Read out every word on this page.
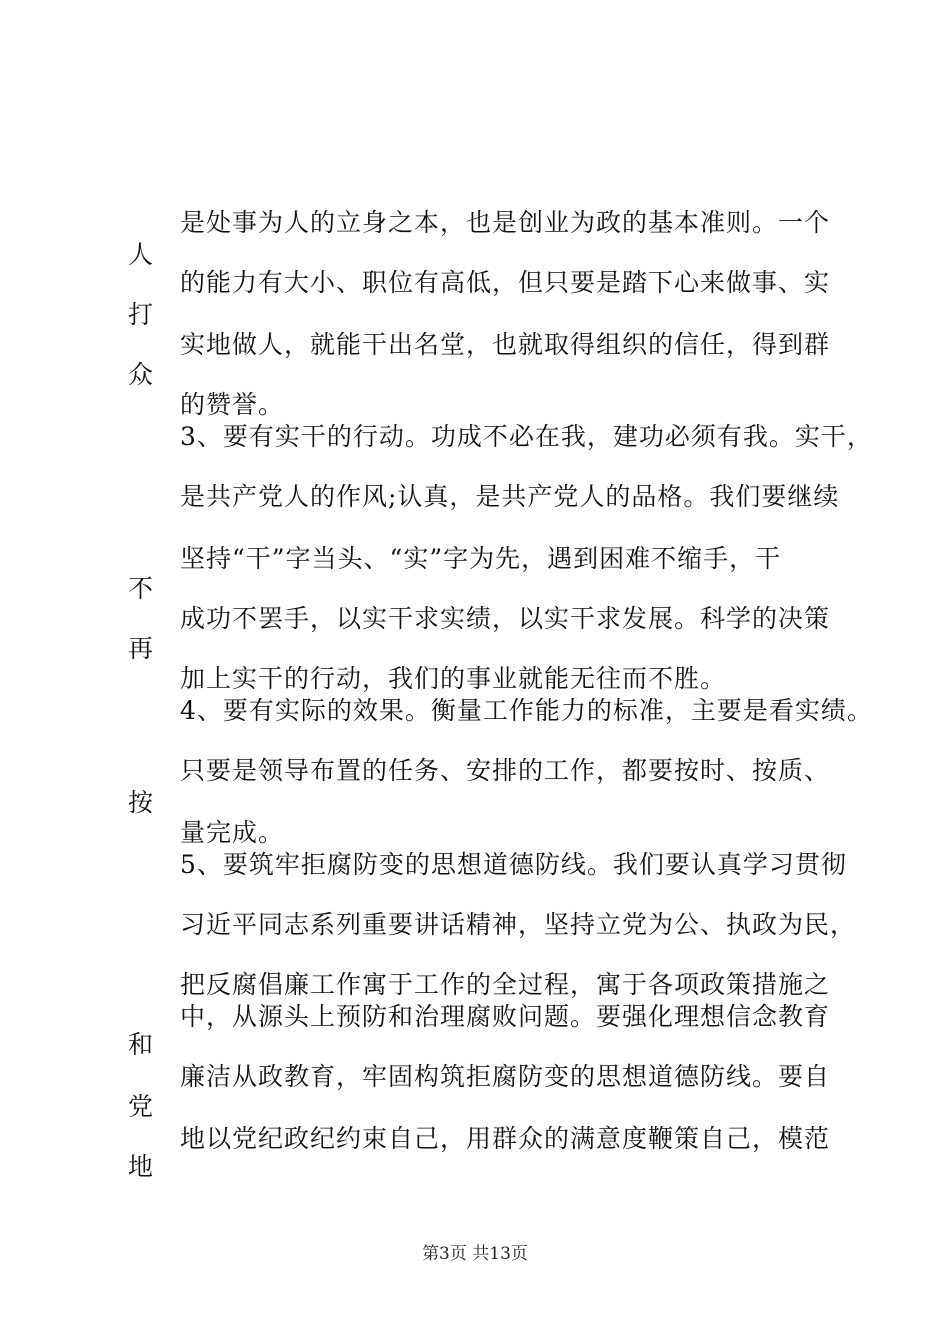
是处事为人的立身之本，也是创业为政的基本准则。一个
的能力有大小、职位有高低，但只要是踏下心来做事、实
实地做人，就能干出名堂，也就取得组织的信任，得到群
的赞誉。
3、要有实干的行动。功成不必在我，建功必须有我。实干，
是共产党人的作风;认真，是共产党人的品格。我们要继续
坚持“干”字当头、“实”字为先，遇到困难不缩手，干
成功不罢手，以实干求实绩，以实干求发展。科学的决策
加上实干的行动，我们的事业就能无往而不胜。
4、要有实际的效果。衡量工作能力的标准，主要是看实绩。
只要是领导布置的任务、安排的工作，都要按时、按质、
量完成。
5、要筑牢拒腐防变的思想道德防线。我们要认真学习贯彻
习近平同志系列重要讲话精神，坚持立党为公、执政为民，
把反腐倡廉工作寓于工作的全过程，寓于各项政策措施之
中，从源头上预防和治理腐败问题。要强化理想信念教育
廉洁从政教育，牢固构筑拒腐防变的思想道德防线。要自
地以党纪政纪约束自己，用群众的满意度鞭策自己，模范
人
打
众
不
再
按
和
党
地
第3页 共13页
